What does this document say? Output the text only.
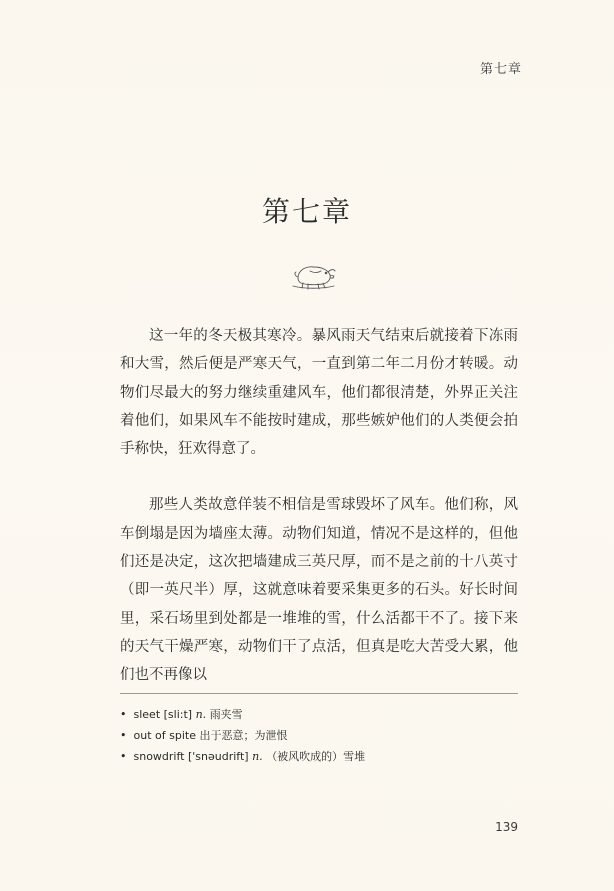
第七章
第七章

这一年的冬天极其寒冷。暴风雨天气结束后就接着下冻雨和大雪，然后便是严寒天气，一直到第二年二月份才转暖。动物们尽最大的努力继续重建风车，他们都很清楚，外界正关注着他们，如果风车不能按时建成，那些嫉妒他们的人类便会拍手称快，狂欢得意了。

那些人类故意佯装不相信是雪球毁坏了风车。他们称，风车倒塌是因为墙座太薄。动物们知道，情况不是这样的，但他们还是决定，这次把墙建成三英尺厚，而不是之前的十八英寸（即一英尺半）厚，这就意味着要采集更多的石头。好长时间里，采石场里到处都是一堆堆的雪，什么活都干不了。接下来的天气干燥严寒，动物们干了点活，但真是吃大苦受大累，他们也不再像以

• sleet [sli:t] n. 雨夹雪
• out of spite 出于恶意；为泄恨
• snowdrift ['snəudrift] n. （被风吹成的）雪堆
139
